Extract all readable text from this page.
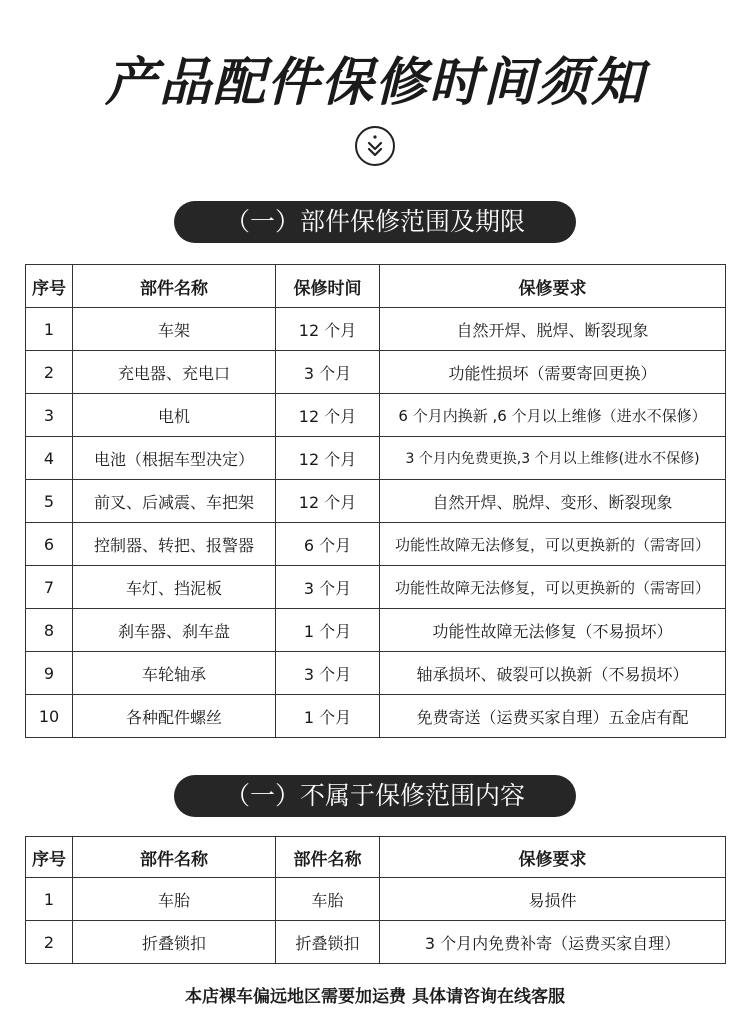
产品配件保修时间须知
（一）部件保修范围及期限
序号	部件名称	保修时间	保修要求
1	车架	12 个月	自然开焊、脱焊、断裂现象
2	充电器、充电口	3 个月	功能性损坏（需要寄回更换）
3	电机	12 个月	6 个月内换新 ,6 个月以上维修（进水不保修）
4	电池（根据车型决定）	12 个月	3 个月内免费更换,3 个月以上维修(进水不保修)
5	前叉、后减震、车把架	12 个月	自然开焊、脱焊、变形、断裂现象
6	控制器、转把、报警器	6 个月	功能性故障无法修复，可以更换新的（需寄回）
7	车灯、挡泥板	3 个月	功能性故障无法修复，可以更换新的（需寄回）
8	刹车器、刹车盘	1 个月	功能性故障无法修复（不易损坏）
9	车轮轴承	3 个月	轴承损坏、破裂可以换新（不易损坏）
10	各种配件螺丝	1 个月	免费寄送（运费买家自理）五金店有配
（一）不属于保修范围内容
序号	部件名称	部件名称	保修要求
1	车胎	车胎	易损件
2	折叠锁扣	折叠锁扣	3 个月内免费补寄（运费买家自理）
本店裸车偏远地区需要加运费 具体请咨询在线客服
